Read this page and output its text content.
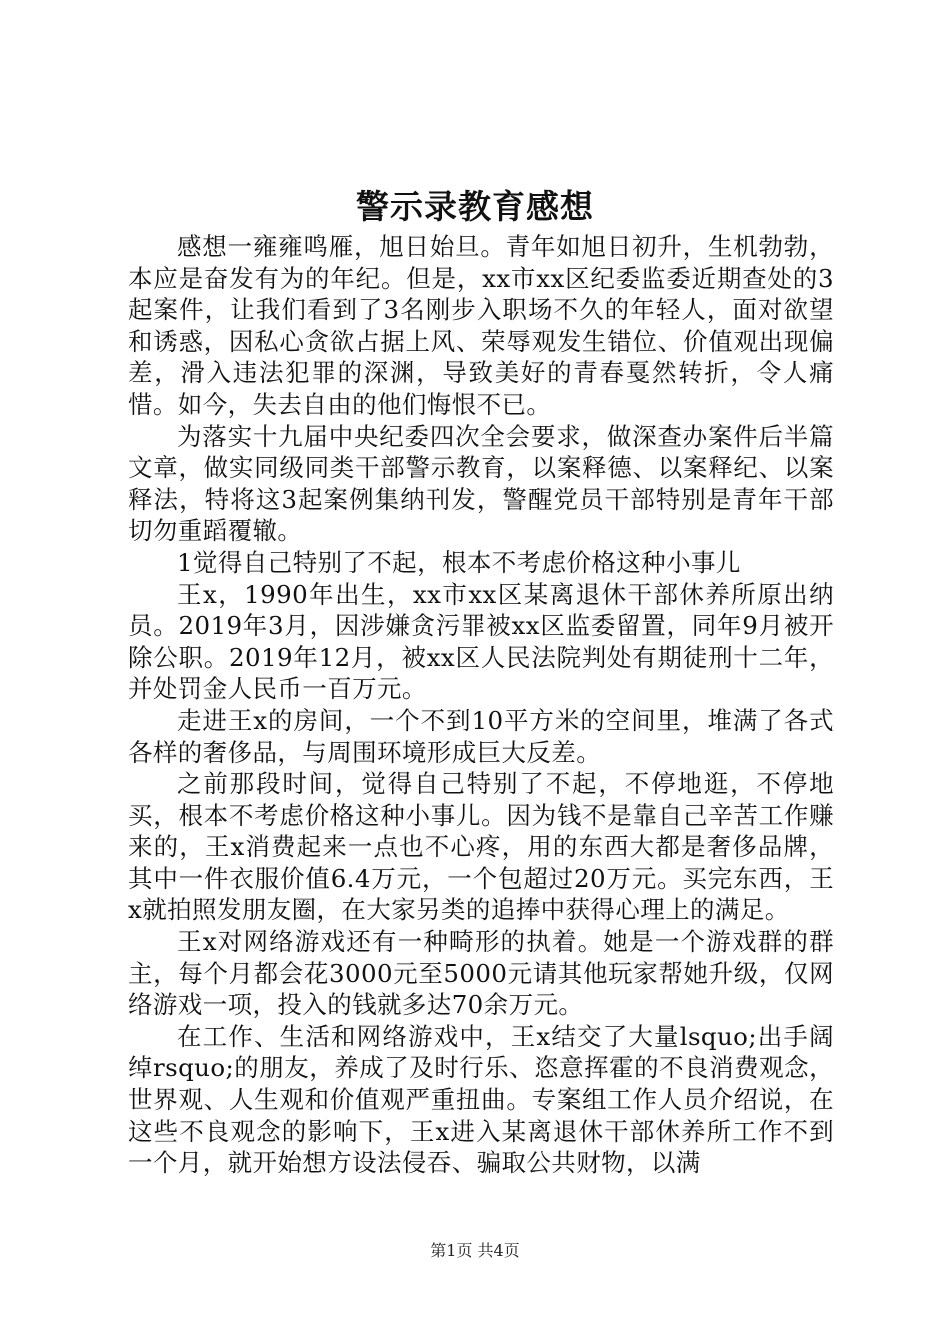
警示录教育感想

感想一雍雍鸣雁，旭日始旦。青年如旭日初升，生机勃勃，本应是奋发有为的年纪。但是，xx市xx区纪委监委近期查处的3起案件，让我们看到了3名刚步入职场不久的年轻人，面对欲望和诱惑，因私心贪欲占据上风、荣辱观发生错位、价值观出现偏差，滑入违法犯罪的深渊，导致美好的青春戛然转折，令人痛惜。如今，失去自由的他们悔恨不已。

为落实十九届中央纪委四次全会要求，做深查办案件后半篇文章，做实同级同类干部警示教育，以案释德、以案释纪、以案释法，特将这3起案例集纳刊发，警醒党员干部特别是青年干部切勿重蹈覆辙。

1觉得自己特别了不起，根本不考虑价格这种小事儿

王x，1990年出生，xx市xx区某离退休干部休养所原出纳员。2019年3月，因涉嫌贪污罪被xx区监委留置，同年9月被开除公职。2019年12月，被xx区人民法院判处有期徒刑十二年，并处罚金人民币一百万元。

走进王x的房间，一个不到10平方米的空间里，堆满了各式各样的奢侈品，与周围环境形成巨大反差。

之前那段时间，觉得自己特别了不起，不停地逛，不停地买，根本不考虑价格这种小事儿。因为钱不是靠自己辛苦工作赚来的，王x消费起来一点也不心疼，用的东西大都是奢侈品牌，其中一件衣服价值6.4万元，一个包超过20万元。买完东西，王x就拍照发朋友圈，在大家另类的追捧中获得心理上的满足。

王x对网络游戏还有一种畸形的执着。她是一个游戏群的群主，每个月都会花3000元至5000元请其他玩家帮她升级，仅网络游戏一项，投入的钱就多达70余万元。

在工作、生活和网络游戏中，王x结交了大量lsquo;出手阔绰rsquo;的朋友，养成了及时行乐、恣意挥霍的不良消费观念，世界观、人生观和价值观严重扭曲。专案组工作人员介绍说，在这些不良观念的影响下，王x进入某离退休干部休养所工作不到一个月，就开始想方设法侵吞、骗取公共财物，以满

第1页 共4页
